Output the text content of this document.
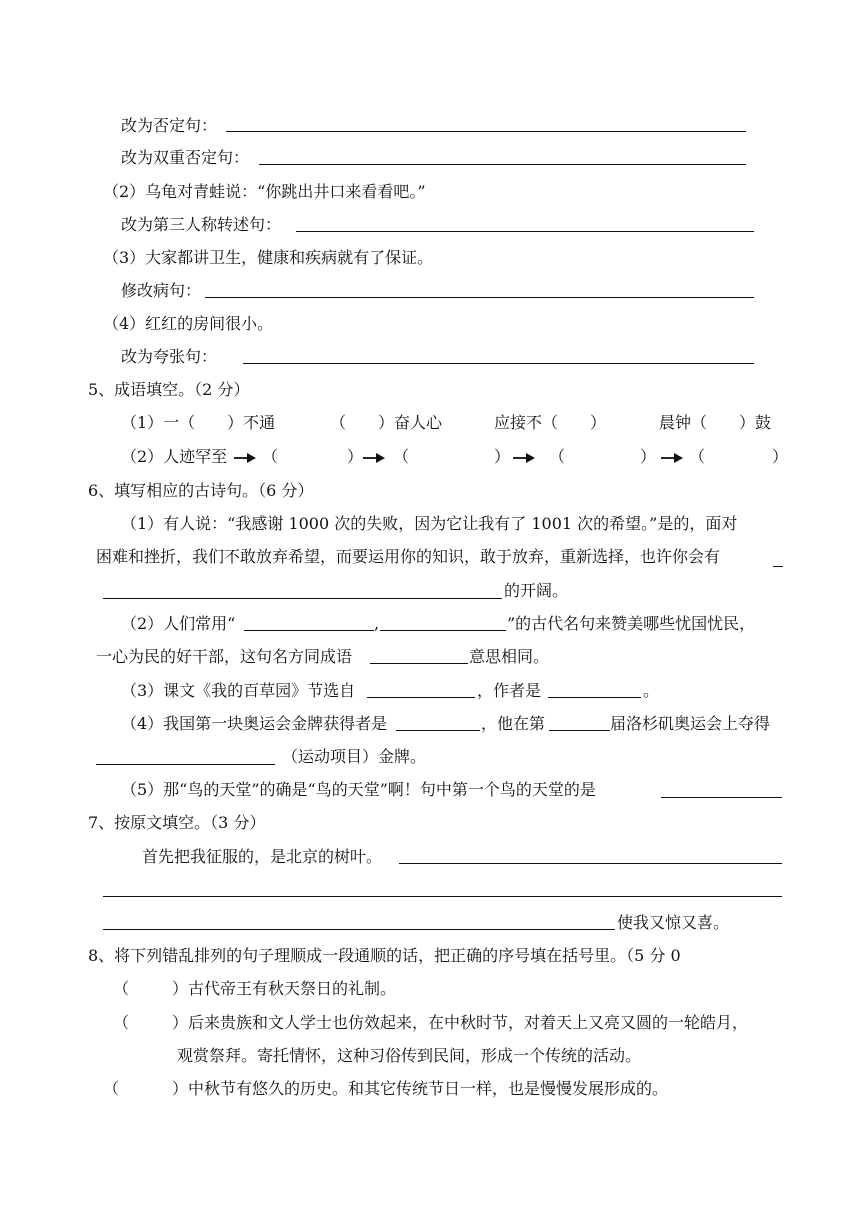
改为否定句：
改为双重否定句：
（2）乌龟对青蛙说：“你跳出井口来看看吧。”
改为第三人称转述句：
（3）大家都讲卫生，健康和疾病就有了保证。
修改病句：
（4）红红的房间很小。
改为夸张句：
5、成语填空。（2 分）
（1）一（　　）不通	（　　）奋人心	应接不（　　）	晨钟（　　）鼓
（2）人迹罕至 （	） （	） （	） （	）
6、填写相应的古诗句。（6 分）
（1）有人说：“我感谢 1000 次的失败，因为它让我有了 1001 次的希望。”是的，面对
困难和挫折，我们不敢放弃希望，而要运用你的知识，敢于放弃，重新选择，也许你会有
的开阔。
（2）人们常用“	,	”的古代名句来赞美哪些忧国忧民，
一心为民的好干部，这句名方同成语	意思相同。
（3）课文《我的百草园》节选自	，作者是	。
（4）我国第一块奥运会金牌获得者是	，他在第	届洛杉矶奥运会上夺得
（运动项目）金牌。
（5）那“鸟的天堂”的确是“鸟的天堂”啊！句中第一个鸟的天堂的是
7、按原文填空。（3 分）
首先把我征服的，是北京的树叶。
使我又惊又喜。
8、将下列错乱排列的句子理顺成一段通顺的话，把正确的序号填在括号里。（5 分 0
（	）古代帝王有秋天祭日的礼制。
（	）后来贵族和文人学士也仿效起来，在中秋时节，对着天上又亮又圆的一轮皓月，
观赏祭拜。寄托情怀，这种习俗传到民间，形成一个传统的活动。
（	）中秋节有悠久的历史。和其它传统节日一样，也是慢慢发展形成的。
